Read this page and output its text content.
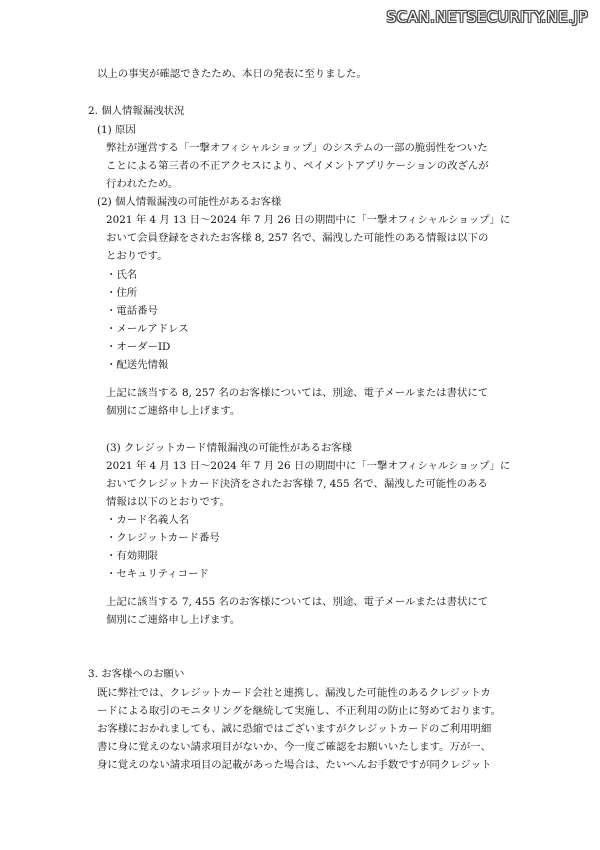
SCAN.NETSECURITY.NE.JP
以上の事実が確認できたため、本日の発表に至りました。
2. 個人情報漏洩状況
(1) 原因
弊社が運営する「一撃オフィシャルショップ」のシステムの一部の脆弱性をついた
ことによる第三者の不正アクセスにより、ペイメントアプリケーションの改ざんが
行われたため。
(2) 個人情報漏洩の可能性があるお客様
2021 年 4 月 13 日～2024 年 7 月 26 日の期間中に「一撃オフィシャルショップ」に
おいて会員登録をされたお客様 8, 257 名で、漏洩した可能性のある情報は以下の
とおりです。
・氏名
・住所
・電話番号
・メールアドレス
・オーダーID
・配送先情報
上記に該当する 8, 257 名のお客様については、別途、電子メールまたは書状にて
個別にご連絡申し上げます。
(3) クレジットカード情報漏洩の可能性があるお客様
2021 年 4 月 13 日～2024 年 7 月 26 日の期間中に「一撃オフィシャルショップ」に
おいてクレジットカード決済をされたお客様 7, 455 名で、漏洩した可能性のある
情報は以下のとおりです。
・カード名義人名
・クレジットカード番号
・有効期限
・セキュリティコード
上記に該当する 7, 455 名のお客様については、別途、電子メールまたは書状にて
個別にご連絡申し上げます。
3. お客様へのお願い
既に弊社では、クレジットカード会社と連携し、漏洩した可能性のあるクレジットカ
ードによる取引のモニタリングを継続して実施し、不正利用の防止に努めております。
お客様におかれましても、誠に恐縮ではございますがクレジットカードのご利用明細
書に身に覚えのない請求項目がないか、今一度ご確認をお願いいたします。万が一、
身に覚えのない請求項目の記載があった場合は、たいへんお手数ですが同クレジット
